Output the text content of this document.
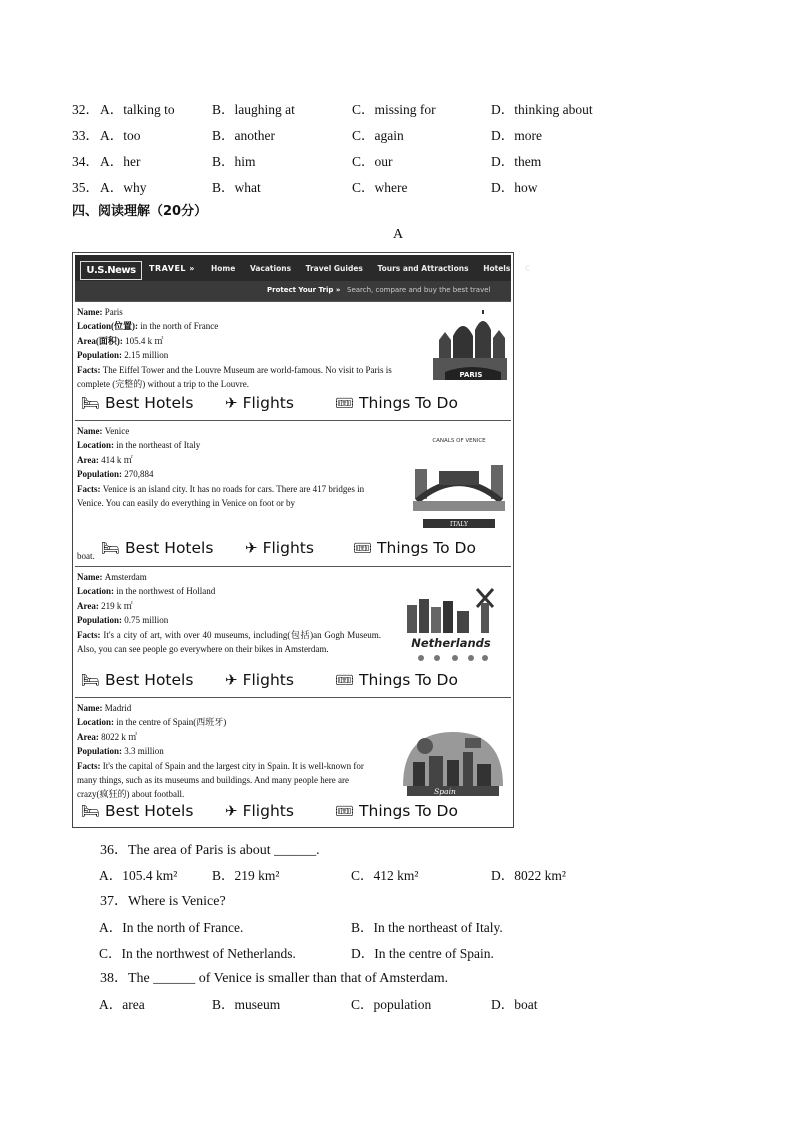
32． A．talking to	B．laughing at	C．missing for	D．thinking about
33． A．too	B．another	C．again	D．more
34． A．her	B．him	C．our	D．them
35． A．why	B．what	C．where	D．how
四、阅读理解（20分）
A
U.S.News	TRAVEL » Home Vacations Travel Guides Tours and Attractions Hotels C
Protect Your Trip » Search, compare and buy the best travel
Name: Paris
Location(位置): in the north of France
Area(面积): 105.4 k ㎡
Population: 2.15 million
Facts: The Eiffel Tower and the Louvre Museum are world-famous. No visit to Paris is complete (完整的) without a trip to the Louvre.
PARIS
🛏 Best Hotels ✈ Flights	🎟 Things To Do
Name: Venice
Location: in the northeast of Italy
Area: 414 k ㎡
Population: 270,884
Facts: Venice is an island city. It has no roads for cars. There are 417 bridges in Venice. You can easily do everything in Venice on foot or by
CANALS OF VENICE
ITALY
boat. 🛏 Best Hotels ✈ Flights	🎟 Things To Do
Name: Amsterdam
Location: in the northwest of Holland
Area: 219 k ㎡
Population: 0.75 million
Facts: It's a city of art, with over 40 museums, including(包括)an Gogh Museum. Also, you can see people go everywhere on their bikes in Amsterdam.	Netherlands
🛏 Best Hotels ✈ Flights	🎟 Things To Do
Name: Madrid
Location: in the centre of Spain(西班牙)
Area: 8022 k ㎡
Population: 3.3 million
Facts: It's the capital of Spain and the largest city in Spain. It is well-known for many things, such as its museums and buildings. And many people here are crazy(疯狂的) about football.	Spain
🛏 Best Hotels ✈ Flights	🎟 Things To Do
36．The area of Paris is about ______.
A．105.4 km²	B．219 km²	C．412 km²	D．8022 km²
37．Where is Venice?
A．In the north of France.	B．In the northeast of Italy.
C．In the northwest of Netherlands.	D．In the centre of Spain.
38．The ______ of Venice is smaller than that of Amsterdam.
A．area	B．museum	C．population	D．boat
